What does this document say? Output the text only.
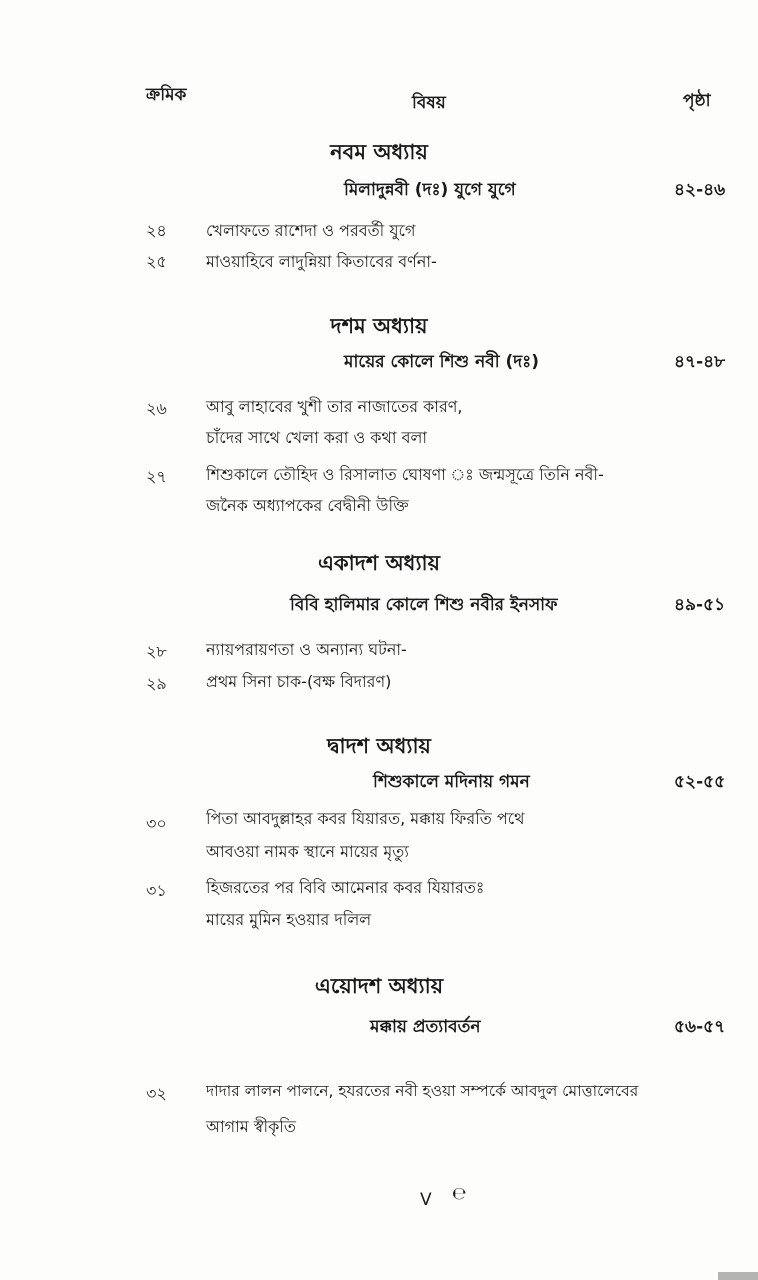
ক্রমিক	বিষয়	পৃষ্ঠা
নবম অধ্যায়
মিলাদুন্নবী (দঃ) যুগে যুগে	৪২-৪৬
২৪ খেলাফতে রাশেদা ও পরবর্তী যুগে
২৫ মাওয়াহিবে লাদুন্নিয়া কিতাবের বর্ণনা-
দশম অধ্যায়
মায়ের কোলে শিশু নবী (দঃ)	৪৭-৪৮
২৬ আবু লাহাবের খুশী তার নাজাতের কারণ,
চাঁদের সাথে খেলা করা ও কথা বলা
২৭ শিশুকালে তৌহিদ ও রিসালাত ঘোষণা ঃ জন্মসূত্রে তিনি নবী-
জনৈক অধ্যাপকের বেদ্বীনী উক্তি
একাদশ অধ্যায়
বিবি হালিমার কোলে শিশু নবীর ইনসাফ	৪৯-৫১
২৮ ন্যায়পরায়ণতা ও অন্যান্য ঘটনা-
২৯ প্রথম সিনা চাক-(বক্ষ বিদারণ)
দ্বাদশ অধ্যায়
শিশুকালে মদিনায় গমন	৫২-৫৫
৩০ পিতা আবদুল্লাহর কবর যিয়ারত, মক্কায় ফিরতি পথে
আবওয়া নামক স্থানে মায়ের মৃত্যু
৩১ হিজরতের পর বিবি আমেনার কবর যিয়ারতঃ
মায়ের মুমিন হওয়ার দলিল
এয়োদশ অধ্যায়
মক্কায় প্রত্যাবর্তন	৫৬-৫৭
৩২	দাদার লালন পালনে, হযরতের নবী হওয়া সম্পর্কে আবদুল মোত্তালেবের
আগাম স্বীকৃতি
V ℮
